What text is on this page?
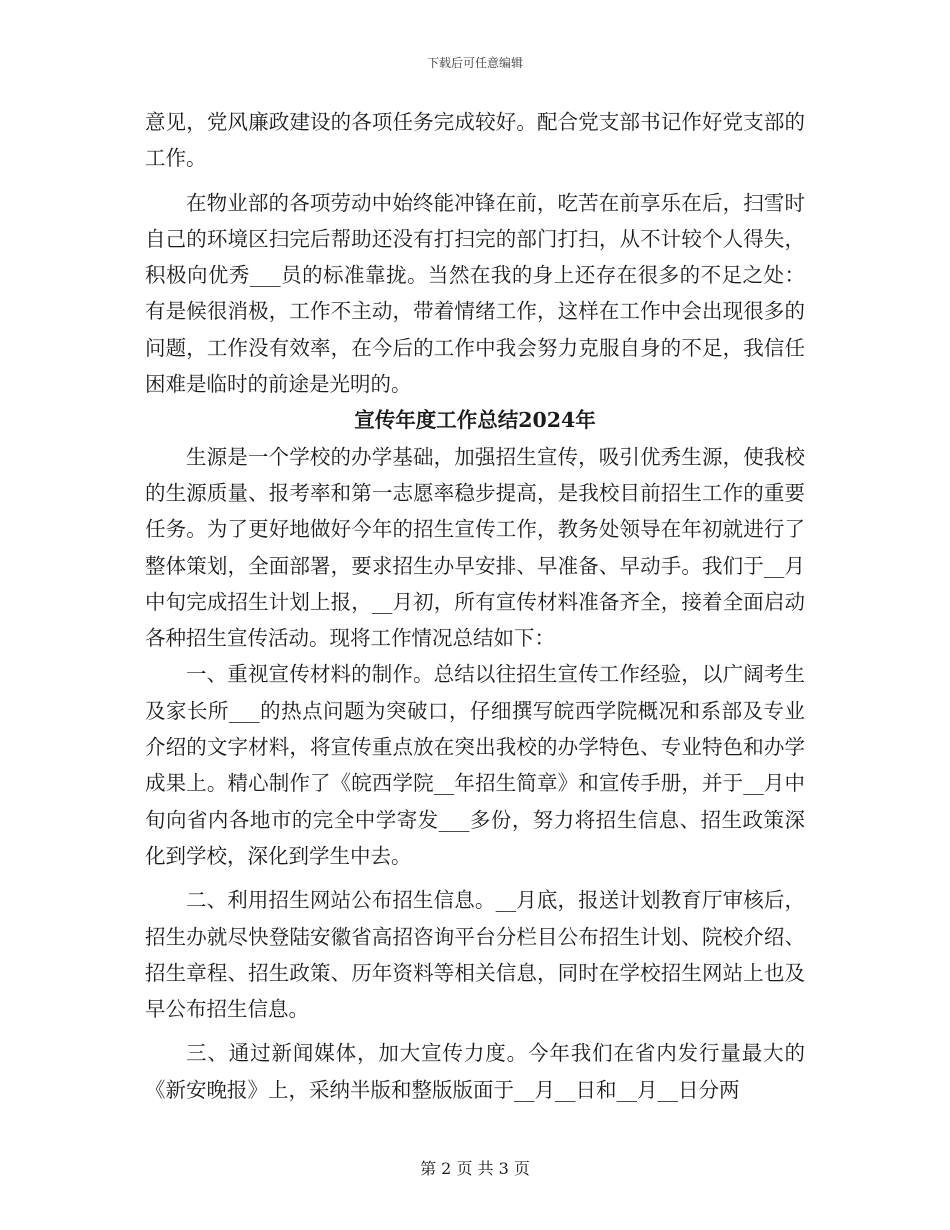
下载后可任意编辑

意见，党风廉政建设的各项任务完成较好。配合党支部书记作好党支部的工作。

在物业部的各项劳动中始终能冲锋在前，吃苦在前享乐在后，扫雪时自己的环境区扫完后帮助还没有打扫完的部门打扫，从不计较个人得失，积极向优秀___员的标准靠拢。当然在我的身上还存在很多的不足之处：有是候很消极，工作不主动，带着情绪工作，这样在工作中会出现很多的问题，工作没有效率，在今后的工作中我会努力克服自身的不足，我信任困难是临时的前途是光明的。

宣传年度工作总结2024年

生源是一个学校的办学基础，加强招生宣传，吸引优秀生源，使我校的生源质量、报考率和第一志愿率稳步提高，是我校目前招生工作的重要任务。为了更好地做好今年的招生宣传工作，教务处领导在年初就进行了整体策划，全面部署，要求招生办早安排、早准备、早动手。我们于__月中旬完成招生计划上报，__月初，所有宣传材料准备齐全，接着全面启动各种招生宣传活动。现将工作情况总结如下：

一、重视宣传材料的制作。总结以往招生宣传工作经验，以广阔考生及家长所___的热点问题为突破口，仔细撰写皖西学院概况和系部及专业介绍的文字材料，将宣传重点放在突出我校的办学特色、专业特色和办学成果上。精心制作了《皖西学院__年招生简章》和宣传手册，并于__月中旬向省内各地市的完全中学寄发___多份，努力将招生信息、招生政策深化到学校，深化到学生中去。

二、利用招生网站公布招生信息。__月底，报送计划教育厅审核后，招生办就尽快登陆安徽省高招咨询平台分栏目公布招生计划、院校介绍、招生章程、招生政策、历年资料等相关信息，同时在学校招生网站上也及早公布招生信息。

三、通过新闻媒体，加大宣传力度。今年我们在省内发行量最大的《新安晚报》上，采纳半版和整版版面于__月__日和__月__日分两

第 2 页 共 3 页
